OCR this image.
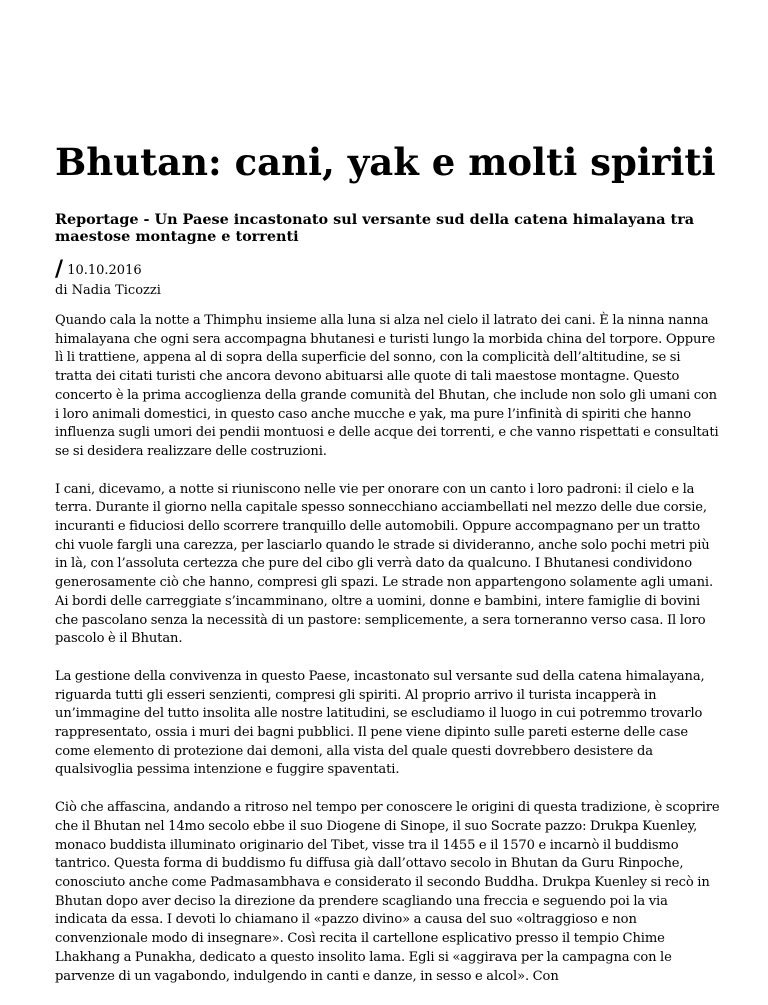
Bhutan: cani, yak e molti spiriti
Reportage - Un Paese incastonato sul versante sud della catena himalayana tra maestose montagne e torrenti
/ 10.10.2016
di Nadia Ticozzi

Quando cala la notte a Thimphu insieme alla luna si alza nel cielo il latrato dei cani. È la ninna nanna himalayana che ogni sera accompagna bhutanesi e turisti lungo la morbida china del torpore. Oppure lì li trattiene, appena al di sopra della superficie del sonno, con la complicità dell’altitudine, se si tratta dei citati turisti che ancora devono abituarsi alle quote di tali maestose montagne. Questo concerto è la prima accoglienza della grande comunità del Bhutan, che include non solo gli umani con i loro animali domestici, in questo caso anche mucche e yak, ma pure l’infinità di spiriti che hanno influenza sugli umori dei pendii montuosi e delle acque dei torrenti, e che vanno rispettati e consultati se si desidera realizzare delle costruzioni.

I cani, dicevamo, a notte si riuniscono nelle vie per onorare con un canto i loro padroni: il cielo e la terra. Durante il giorno nella capitale spesso sonnecchiano acciambellati nel mezzo delle due corsie, incuranti e fiduciosi dello scorrere tranquillo delle automobili. Oppure accompagnano per un tratto chi vuole fargli una carezza, per lasciarlo quando le strade si divideranno, anche solo pochi metri più in là, con l’assoluta certezza che pure del cibo gli verrà dato da qualcuno. I Bhutanesi condividono generosamente ciò che hanno, compresi gli spazi. Le strade non appartengono solamente agli umani. Ai bordi delle carreggiate s’incamminano, oltre a uomini, donne e bambini, intere famiglie di bovini che pascolano senza la necessità di un pastore: semplicemente, a sera torneranno verso casa. Il loro pascolo è il Bhutan.

La gestione della convivenza in questo Paese, incastonato sul versante sud della catena himalayana, riguarda tutti gli esseri senzienti, compresi gli spiriti. Al proprio arrivo il turista incapperà in un’immagine del tutto insolita alle nostre latitudini, se escludiamo il luogo in cui potremmo trovarlo rappresentato, ossia i muri dei bagni pubblici. Il pene viene dipinto sulle pareti esterne delle case come elemento di protezione dai demoni, alla vista del quale questi dovrebbero desistere da qualsivoglia pessima intenzione e fuggire spaventati.

Ciò che affascina, andando a ritroso nel tempo per conoscere le origini di questa tradizione, è scoprire che il Bhutan nel 14mo secolo ebbe il suo Diogene di Sinope, il suo Socrate pazzo: Drukpa Kuenley, monaco buddista illuminato originario del Tibet, visse tra il 1455 e il 1570 e incarnò il buddismo tantrico. Questa forma di buddismo fu diffusa già dall’ottavo secolo in Bhutan da Guru Rinpoche, conosciuto anche come Padmasambhava e considerato il secondo Buddha. Drukpa Kuenley si recò in Bhutan dopo aver deciso la direzione da prendere scagliando una freccia e seguendo poi la via indicata da essa. I devoti lo chiamano il «pazzo divino» a causa del suo «oltraggioso e non convenzionale modo di insegnare». Così recita il cartellone esplicativo presso il tempio Chime Lhakhang a Punakha, dedicato a questo insolito lama. Egli si «aggirava per la campagna con le parvenze di un vagabondo, indulgendo in canti e danze, in sesso e alcol». Con
